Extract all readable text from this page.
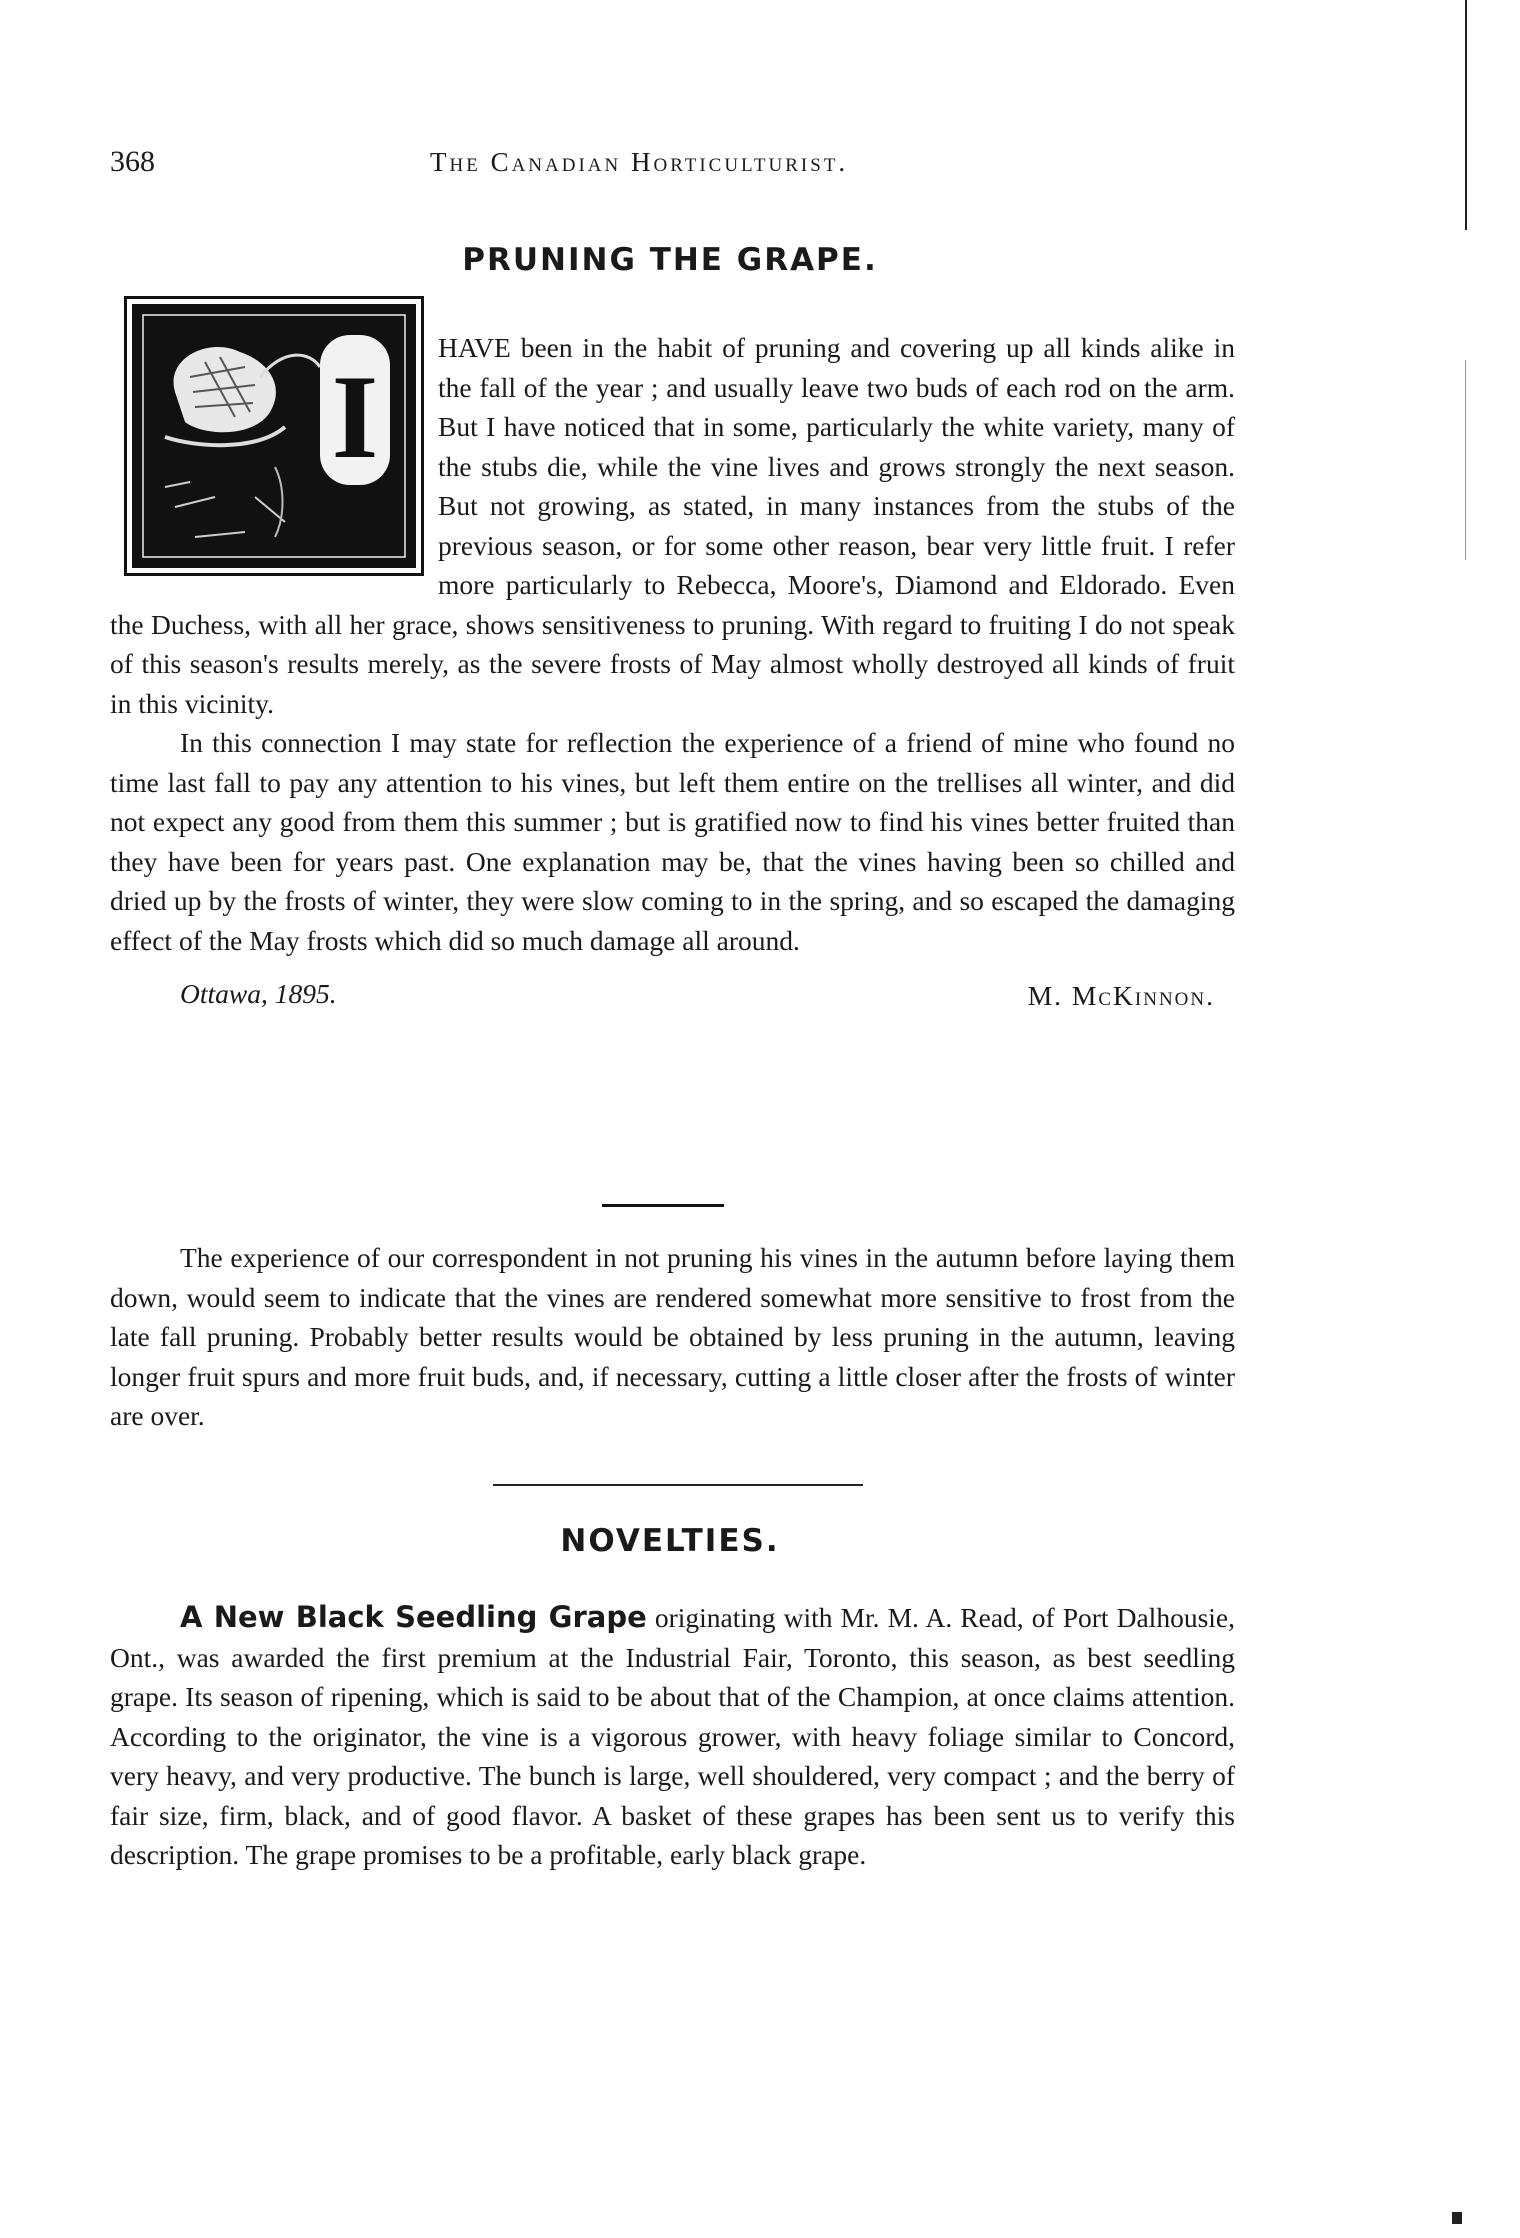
368	The Canadian Horticulturist.
PRUNING THE GRAPE.
I

HAVE been in the habit of pruning and covering up all kinds alike in the fall of the year ; and usually leave two buds of each rod on the arm. But I have noticed that in some, particularly the white variety, many of the stubs die, while the vine lives and grows strongly the next season. But not growing, as stated, in many instances from the stubs of the previous season, or for some other reason, bear very little fruit. I refer more particularly to Rebecca, Moore's, Diamond and Eldorado. Even the Duchess, with all her grace, shows sensitiveness to pruning. With regard to fruiting I do not speak of this season's results merely, as the severe frosts of May almost wholly destroyed all kinds of fruit in this vicinity.

In this connection I may state for reflection the experience of a friend of mine who found no time last fall to pay any attention to his vines, but left them entire on the trellises all winter, and did not expect any good from them this summer ; but is gratified now to find his vines better fruited than they have been for years past. One explanation may be, that the vines having been so chilled and dried up by the frosts of winter, they were slow coming to in the spring, and so escaped the damaging effect of the May frosts which did so much damage all around.

Ottawa, 1895.	M. McKinnon.

The experience of our correspondent in not pruning his vines in the autumn before laying them down, would seem to indicate that the vines are rendered somewhat more sensitive to frost from the late fall pruning. Probably better results would be obtained by less pruning in the autumn, leaving longer fruit spurs and more fruit buds, and, if necessary, cutting a little closer after the frosts of winter are over.

NOVELTIES.

A New Black Seedling Grape originating with Mr. M. A. Read, of Port Dalhousie, Ont., was awarded the first premium at the Industrial Fair, Toronto, this season, as best seedling grape. Its season of ripening, which is said to be about that of the Champion, at once claims attention. According to the originator, the vine is a vigorous grower, with heavy foliage similar to Concord, very heavy, and very productive. The bunch is large, well shouldered, very compact ; and the berry of fair size, firm, black, and of good flavor. A basket of these grapes has been sent us to verify this description. The grape promises to be a profitable, early black grape.
